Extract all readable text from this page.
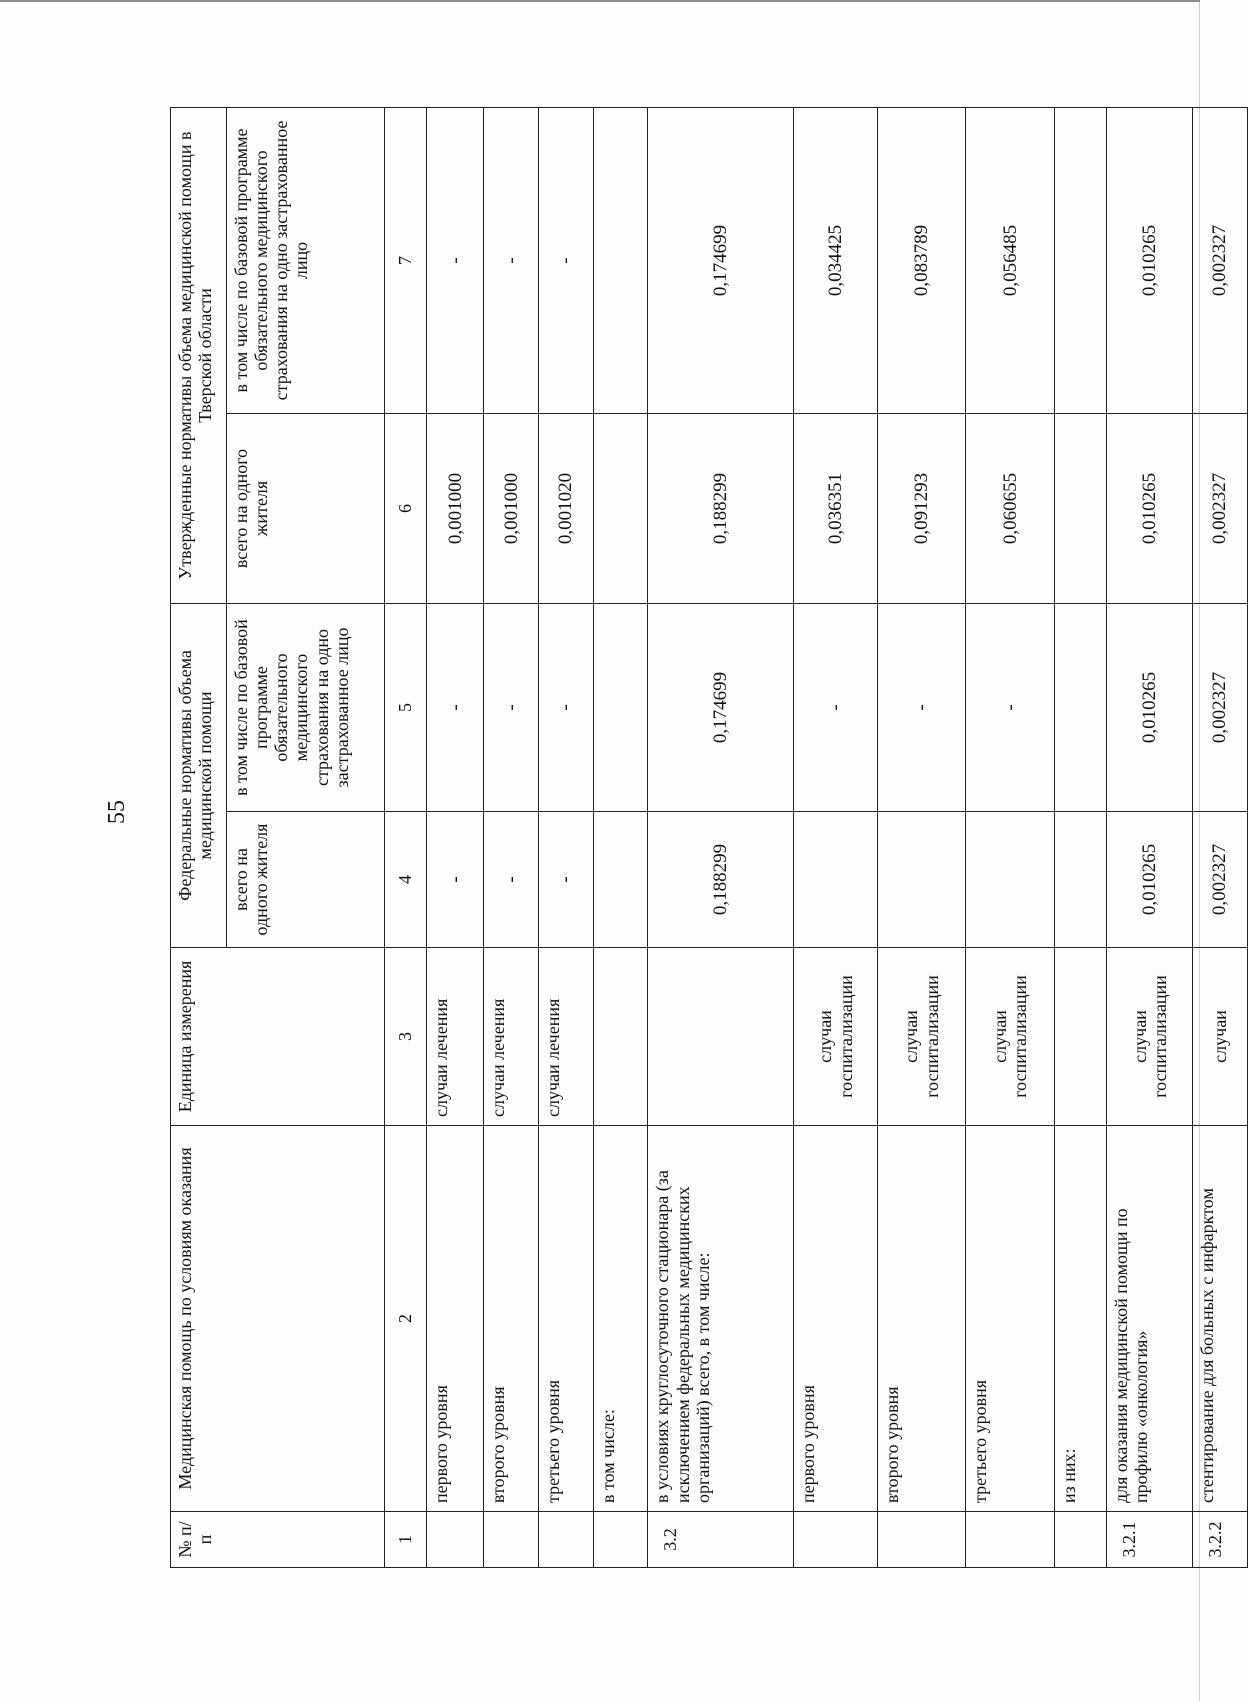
55
№ п/п	Медицинская помощь по условиям оказания	Единица измерения	Федеральные нормативы объема медицинской помощи		Утвержденные нормативы объема медицинской помощи в Тверской области	
			всего на одного жителя	в том числе по базовой программе обязательного медицинского страхования на одно застрахованное лицо	всего на одного жителя	в том числе по базовой программе обязательного медицинского страхования на одно застрахованное лицо
1	2	3	4	5	6	7
	первого уровня	случаи лечения	-	-	0,001000	-
	второго уровня	случаи лечения	-	-	0,001000	-
	третьего уровня	случаи лечения	-	-	0,001020	-
	в том числе:					
3.2	в условиях круглосуточного стационара (за исключением федеральных медицинских организаций) всего, в том числе:		0,188299	0,174699	0,188299	0,174699
	первого уровня	случаи госпитализации		-	0,036351	0,034425
	второго уровня	случаи госпитализации		-	0,091293	0,083789
	третьего уровня	случаи госпитализации		-	0,060655	0,056485
	из них:					
3.2.1	для оказания медицинской помощи по профилю «онкология»	случаи госпитализации	0,010265	0,010265	0,010265	0,010265
3.2.2	стентирование для больных с инфарктом	случаи	0,002327	0,002327	0,002327	0,002327
